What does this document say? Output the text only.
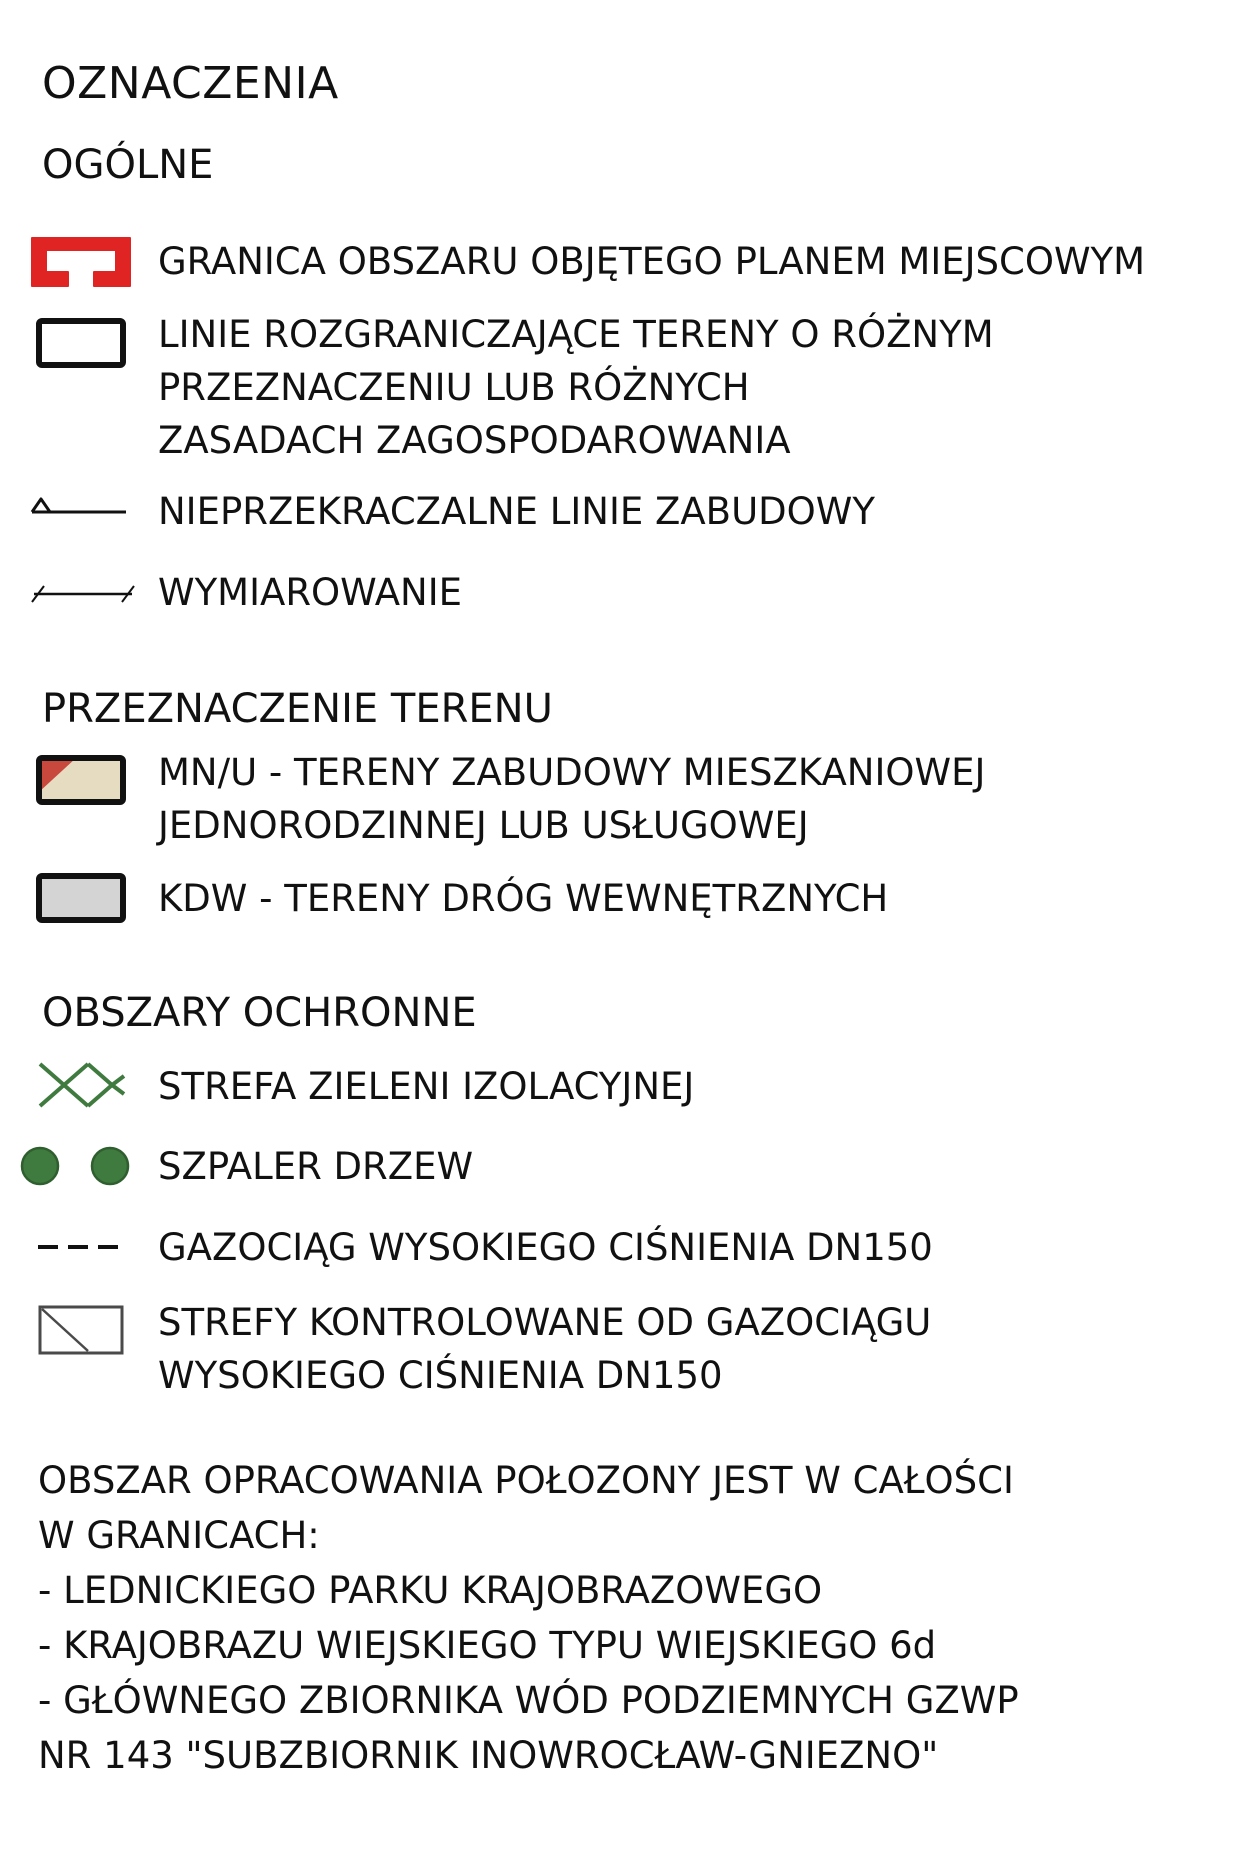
OZNACZENIA
OGÓLNE
GRANICA OBSZARU OBJĘTEGO PLANEM MIEJSCOWYM
LINIE ROZGRANICZAJĄCE TERENY O RÓŻNYM
PRZEZNACZENIU LUB RÓŻNYCH
ZASADACH ZAGOSPODAROWANIA
NIEPRZEKRACZALNE LINIE ZABUDOWY
WYMIAROWANIE
PRZEZNACZENIE TERENU
MN/U - TERENY ZABUDOWY MIESZKANIOWEJ
JEDNORODZINNEJ LUB USŁUGOWEJ
KDW - TERENY DRÓG WEWNĘTRZNYCH
OBSZARY OCHRONNE
STREFA ZIELENI IZOLACYJNEJ
SZPALER DRZEW
GAZOCIĄG WYSOKIEGO CIŚNIENIA DN150
STREFY KONTROLOWANE OD GAZOCIĄGU
WYSOKIEGO CIŚNIENIA DN150
OBSZAR OPRACOWANIA POŁOZONY JEST W CAŁOŚCI
W GRANICACH:
- LEDNICKIEGO PARKU KRAJOBRAZOWEGO
- KRAJOBRAZU WIEJSKIEGO TYPU WIEJSKIEGO 6d
- GŁÓWNEGO ZBIORNIKA WÓD PODZIEMNYCH GZWP
NR 143 "SUBZBIORNIK INOWROCŁAW-GNIEZNO"
